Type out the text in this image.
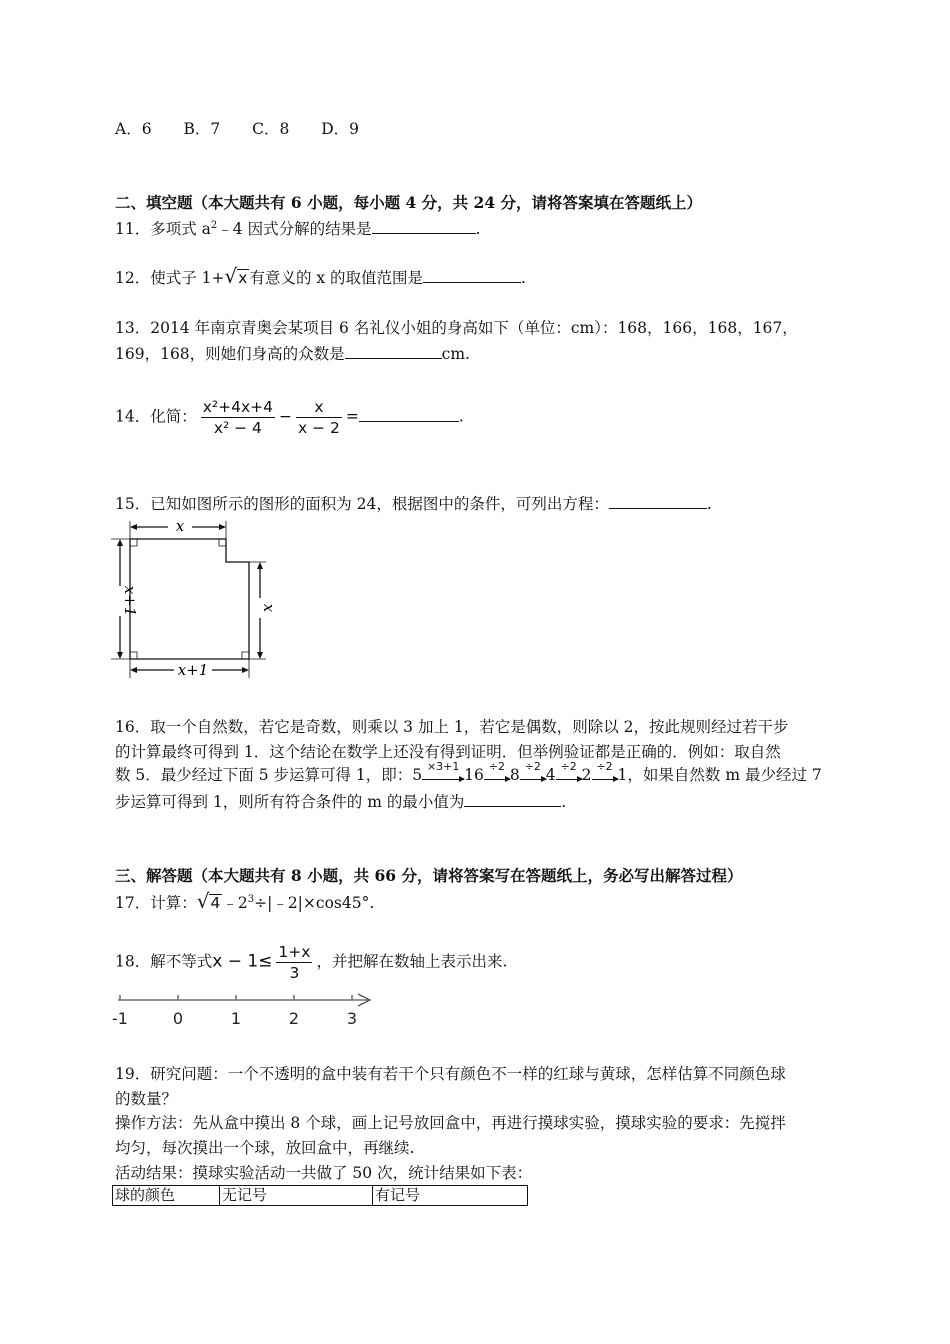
A．6 B．7 C．8 D．9
二、填空题（本大题共有 6 小题，每小题 4 分，共 24 分，请将答案填在答题纸上）
11．多项式 $a^2﹣4$ 因式分解的结果是	.
12．使式子 1+√x 有意义的 x 的取值范围是	.
13．2014 年南京青奥会某项目 6 名礼仪小姐的身高如下（单位：cm）：168，166，168，167，
169，168，则她们身高的众数是	cm.
14．化简： $\frac{\text{x²+4x+4}}{\text{x² − 4}} - \frac{x}{x - 2}$ =	.
15．已知如图所示的图形的面积为 24，根据图中的条件，可列出方程：	.
x
x+1	x
x+1
16．取一个自然数，若它是奇数，则乘以 3 加上 1，若它是偶数，则除以 2，按此规则经过若干步
的计算最终可得到 1．这个结论在数学上还没有得到证明．但举例验证都是正确的．例如：取自然
数 5．最少经过下面 5 步运算可得 1，即：5 ×3+1 16 ÷2 8 ÷2 4 ÷2 2 ÷2 1，如果自然数 m 最少经过 7
步运算可得到 1，则所有符合条件的 m 的最小值为	.
三、解答题（本大题共有 8 小题，共 66 分，请将答案写在答题纸上，务必写出解答过程）
17．计算：√4 $﹣2^3\div|﹣2|\times\cos 45^\circ$.
18．解不等式$x - 1\le \frac{1+x}{3}$ ，并把解在数轴上表示出来.
-1	0	1	2	3
19．研究问题：一个不透明的盒中装有若干个只有颜色不一样的红球与黄球，怎样估算不同颜色球
的数量？
操作方法：先从盒中摸出 8 个球，画上记号放回盒中，再进行摸球实验，摸球实验的要求：先搅拌
均匀，每次摸出一个球，放回盒中，再继续.
活动结果：摸球实验活动一共做了 50 次，统计结果如下表：
球的颜色	无记号	有记号
